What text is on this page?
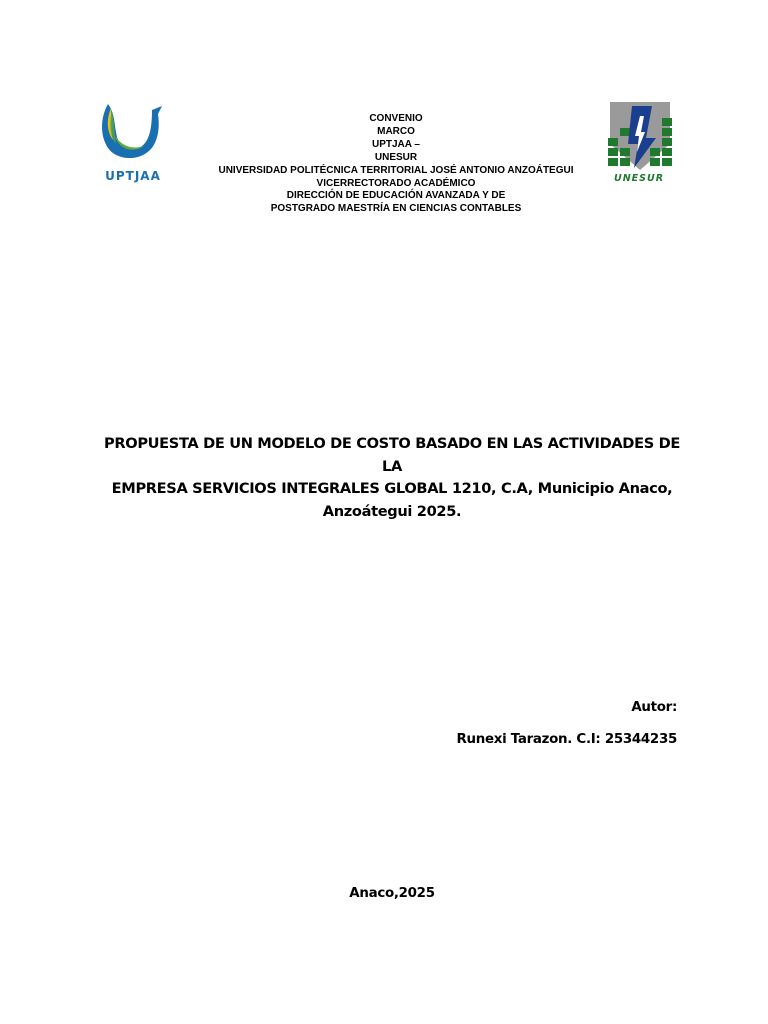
UPTJAA
CONVENIO
MARCO
UPTJAA –
UNESUR
UNIVERSIDAD POLITÉCNICA TERRITORIAL JOSÉ ANTONIO ANZOÁTEGUI
VICERRECTORADO ACADÉMICO
DIRECCIÓN DE EDUCACIÓN AVANZADA Y DE
POSTGRADO MAESTRÍA EN CIENCIAS CONTABLES
UNESUR
PROPUESTA DE UN MODELO DE COSTO BASADO EN LAS ACTIVIDADES DE LA
EMPRESA SERVICIOS INTEGRALES GLOBAL 1210, C.A, Municipio Anaco,
Anzoátegui 2025.
Autor:
Runexi Tarazon. C.I: 25344235
Anaco,2025
